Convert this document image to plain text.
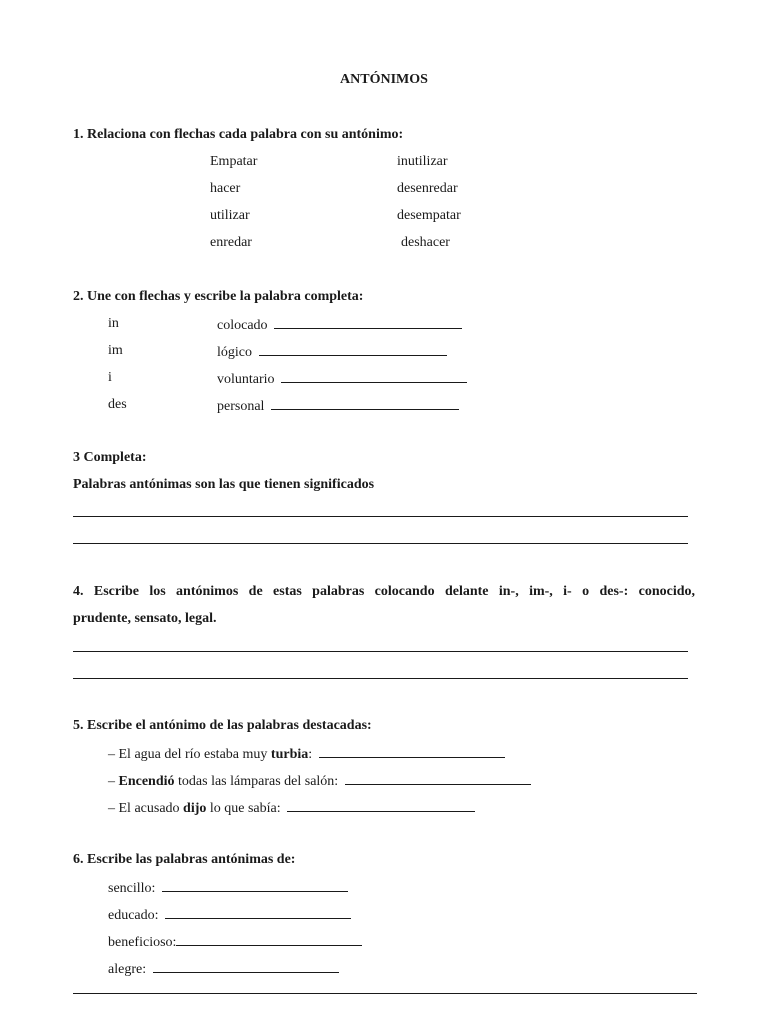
ANTÓNIMOS
1. Relaciona con flechas cada palabra con su antónimo:
Empatar
hacer
utilizar
enredar
inutilizar
desenredar
desempatar
deshacer
2. Une con flechas y escribe la palabra completa:
in
im
i
des
colocado
lógico
voluntario
personal
3 Completa:
Palabras antónimas son las que tienen significados
4. Escribe los antónimos de estas palabras colocando delante in-, im-, i- o des-: conocido,
prudente, sensato, legal.
5. Escribe el antónimo de las palabras destacadas:
– El agua del río estaba muy turbia:
– Encendió todas las lámparas del salón:
– El acusado dijo lo que sabía:
6. Escribe las palabras antónimas de:
sencillo:
educado:
beneficioso:
alegre:
